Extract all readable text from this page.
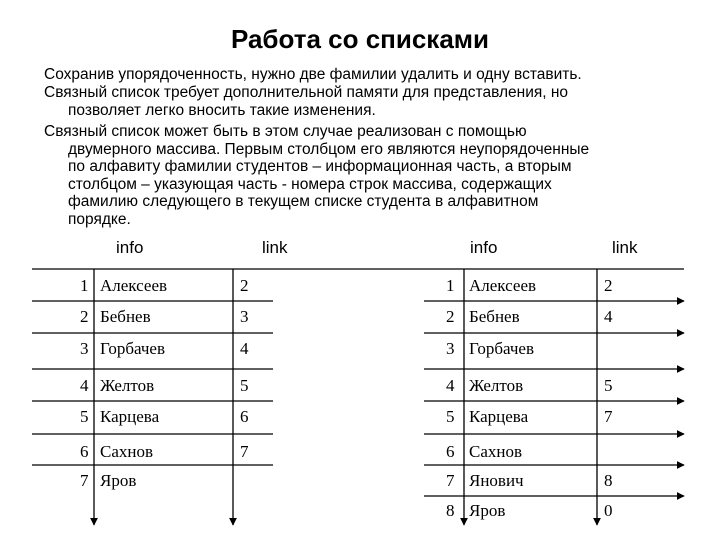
Работа со списками
Сохранив упорядоченность, нужно две фамилии удалить и одну вставить.
Связный список требует дополнительной памяти для представления, но
позволяет легко вносить такие изменения.
Связный список может быть в этом случае реализован с помощью
двумерного массива. Первым столбцом его являются неупорядоченные
по алфавиту фамилии студентов – информационная часть, а вторым
столбцом – указующая часть - номера строк массива, содержащих
фамилию следующего в текущем списке студента в алфавитном
порядке.
info	link	info	link
1 Алексеев	2
2 Бебнев	3
3 Горбачев	4
4 Желтов	5
5 Карцева	6
6 Сахнов	7
7 Яров
1 Алексеев	2
2 Бебнев	4
3 Горбачев
4 Желтов	5
5 Карцева	7
6 Сахнов
7 Янович	8
8 Яров	0
